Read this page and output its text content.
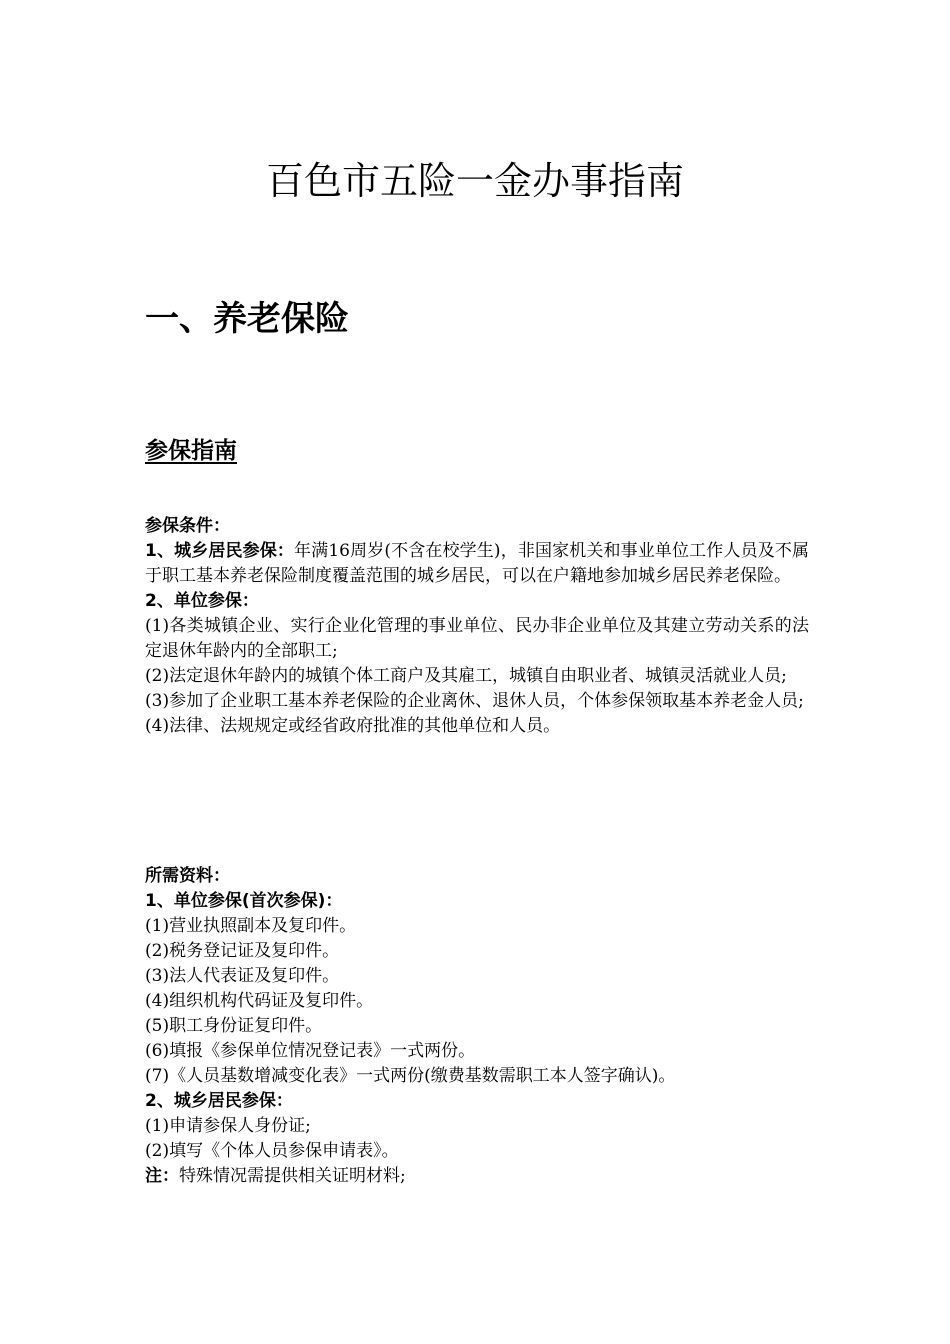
百色市五险一金办事指南
一、养老保险
参保指南

参保条件：

1、城乡居民参保：年满16周岁(不含在校学生)，非国家机关和事业单位工作人员及不属于职工基本养老保险制度覆盖范围的城乡居民，可以在户籍地参加城乡居民养老保险。

2、单位参保：

(1)各类城镇企业、实行企业化管理的事业单位、民办非企业单位及其建立劳动关系的法定退休年龄内的全部职工;

(2)法定退休年龄内的城镇个体工商户及其雇工，城镇自由职业者、城镇灵活就业人员;

(3)参加了企业职工基本养老保险的企业离休、退休人员，个体参保领取基本养老金人员;

(4)法律、法规规定或经省政府批准的其他单位和人员。

所需资料：

1、单位参保(首次参保)：

(1)营业执照副本及复印件。

(2)税务登记证及复印件。

(3)法人代表证及复印件。

(4)组织机构代码证及复印件。

(5)职工身份证复印件。

(6)填报《参保单位情况登记表》一式两份。

(7)《人员基数增减变化表》一式两份(缴费基数需职工本人签字确认)。

2、城乡居民参保：

(1)申请参保人身份证;

(2)填写《个体人员参保申请表》。

注：特殊情况需提供相关证明材料;
